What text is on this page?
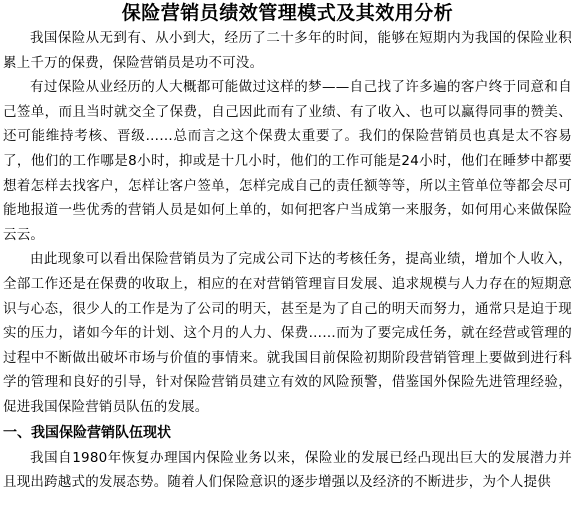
保险营销员绩效管理模式及其效用分析

我国保险从无到有、从小到大，经历了二十多年的时间，能够在短期内为我国的保险业积累上千万的保费，保险营销员是功不可没。

有过保险从业经历的人大概都可能做过这样的梦——自己找了许多遍的客户终于同意和自己签单，而且当时就交全了保费，自己因此而有了业绩、有了收入、也可以赢得同事的赞美、还可能维持考核、晋级……总而言之这个保费太重要了。我们的保险营销员也真是太不容易了，他们的工作哪是8小时，抑或是十几小时，他们的工作可能是24小时，他们在睡梦中都要想着怎样去找客户，怎样让客户签单，怎样完成自己的责任额等等，所以主管单位等都会尽可能地报道一些优秀的营销人员是如何上单的，如何把客户当成第一来服务，如何用心来做保险云云。

由此现象可以看出保险营销员为了完成公司下达的考核任务，提高业绩，增加个人收入，全部工作还是在保费的收取上，相应的在对营销管理盲目发展、追求规模与人力存在的短期意识与心态，很少人的工作是为了公司的明天，甚至是为了自己的明天而努力，通常只是迫于现实的压力，诸如今年的计划、这个月的人力、保费……而为了要完成任务，就在经营或管理的过程中不断做出破坏市场与价值的事情来。就我国目前保险初期阶段营销管理上要做到进行科学的管理和良好的引导，针对保险营销员建立有效的风险预警，借鉴国外保险先进管理经验，促进我国保险营销员队伍的发展。

一、我国保险营销队伍现状

我国自1980年恢复办理国内保险业务以来，保险业的发展已经凸现出巨大的发展潜力并且现出跨越式的发展态势。随着人们保险意识的逐步增强以及经济的不断进步，为个人提供
